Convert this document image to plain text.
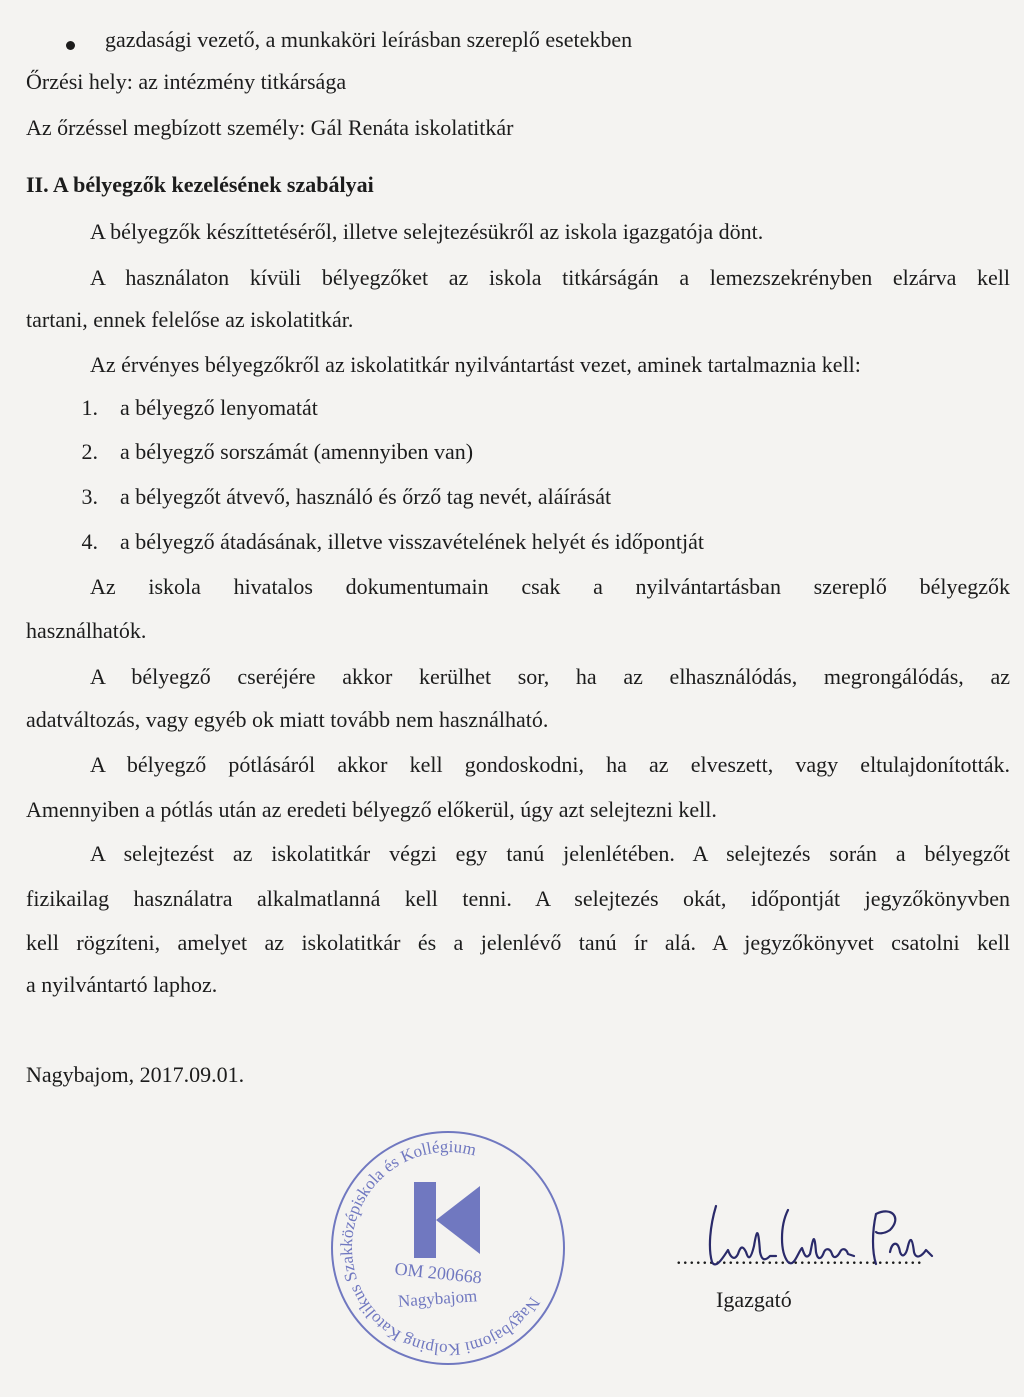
gazdasági vezető, a munkaköri leírásban szereplő esetekben
Őrzési hely: az intézmény titkársága
Az őrzéssel megbízott személy: Gál Renáta iskolatitkár
II. A bélyegzők kezelésének szabályai
A bélyegzők készíttetéséről, illetve selejtezésükről az iskola igazgatója dönt.
A használaton kívüli bélyegzőket az iskola titkárságán a lemezszekrényben elzárva kell
tartani, ennek felelőse az iskolatitkár.
Az érvényes bélyegzőkről az iskolatitkár nyilvántartást vezet, aminek tartalmaznia kell:
1. a bélyegző lenyomatát
2. a bélyegző sorszámát (amennyiben van)
3. a bélyegzőt átvevő, használó és őrző tag nevét, aláírását
4. a bélyegző átadásának, illetve visszavételének helyét és időpontját
Az iskola hivatalos dokumentumain csak a nyilvántartásban szereplő bélyegzők
használhatók.
A bélyegző cseréjére akkor kerülhet sor, ha az elhasználódás, megrongálódás, az
adatváltozás, vagy egyéb ok miatt tovább nem használható.
A bélyegző pótlásáról akkor kell gondoskodni, ha az elveszett, vagy eltulajdonították.
Amennyiben a pótlás után az eredeti bélyegző előkerül, úgy azt selejtezni kell.
A selejtezést az iskolatitkár végzi egy tanú jelenlétében. A selejtezés során a bélyegzőt
fizikailag használatra alkalmatlanná kell tenni. A selejtezés okát, időpontját jegyzőkönyvben
kell rögzíteni, amelyet az iskolatitkár és a jelenlévő tanú ír alá. A jegyzőkönyvet csatolni kell
a nyilvántartó laphoz.
Nagybajom, 2017.09.01.
Nagybajomi Kolping Katolikus Szakközépiskola és Kollégium
OM 200668
Nagybajom
......................................
Igazgató
